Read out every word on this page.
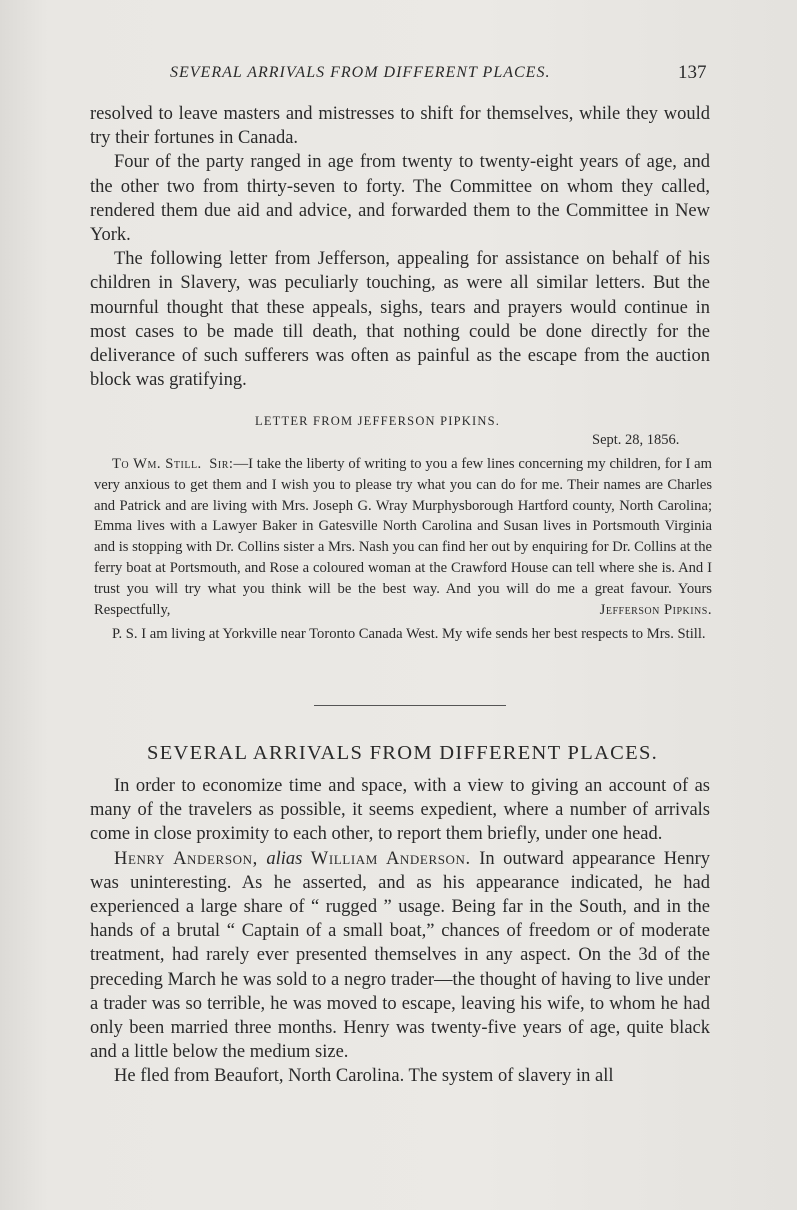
SEVERAL ARRIVALS FROM DIFFERENT PLACES.	137

resolved to leave masters and mistresses to shift for themselves, while they would try their fortunes in Canada.

Four of the party ranged in age from twenty to twenty-eight years of age, and the other two from thirty-seven to forty. The Committee on whom they called, rendered them due aid and advice, and forwarded them to the Committee in New York.

The following letter from Jefferson, appealing for assistance on behalf of his children in Slavery, was peculiarly touching, as were all similar letters. But the mournful thought that these appeals, sighs, tears and prayers would continue in most cases to be made till death, that nothing could be done directly for the deliverance of such sufferers was often as painful as the escape from the auction block was gratifying.

LETTER FROM JEFFERSON PIPKINS.
Sept. 28, 1856.

To Wm. Still. Sir:—I take the liberty of writing to you a few lines concerning my children, for I am very anxious to get them and I wish you to please try what you can do for me. Their names are Charles and Patrick and are living with Mrs. Joseph G. Wray Murphysborough Hartford county, North Carolina; Emma lives with a Lawyer Baker in Gatesville North Carolina and Susan lives in Portsmouth Virginia and is stopping with Dr. Collins sister a Mrs. Nash you can find her out by enquiring for Dr. Collins at the ferry boat at Portsmouth, and Rose a coloured woman at the Crawford House can tell where she is. And I trust you will try what you think will be the best way. And you will do me a great favour. Yours Respectfully,	Jefferson Pipkins.

P. S. I am living at Yorkville near Toronto Canada West. My wife sends her best respects to Mrs. Still.

SEVERAL ARRIVALS FROM DIFFERENT PLACES.

In order to economize time and space, with a view to giving an account of as many of the travelers as possible, it seems expedient, where a number of arrivals come in close proximity to each other, to report them briefly, under one head.

Henry Anderson, alias William Anderson. In outward appearance Henry was uninteresting. As he asserted, and as his appearance indicated, he had experienced a large share of “ rugged ” usage. Being far in the South, and in the hands of a brutal “ Captain of a small boat,” chances of freedom or of moderate treatment, had rarely ever presented themselves in any aspect. On the 3d of the preceding March he was sold to a negro trader—the thought of having to live under a trader was so terrible, he was moved to escape, leaving his wife, to whom he had only been married three months. Henry was twenty-five years of age, quite black and a little below the medium size.

He fled from Beaufort, North Carolina. The system of slavery in all
